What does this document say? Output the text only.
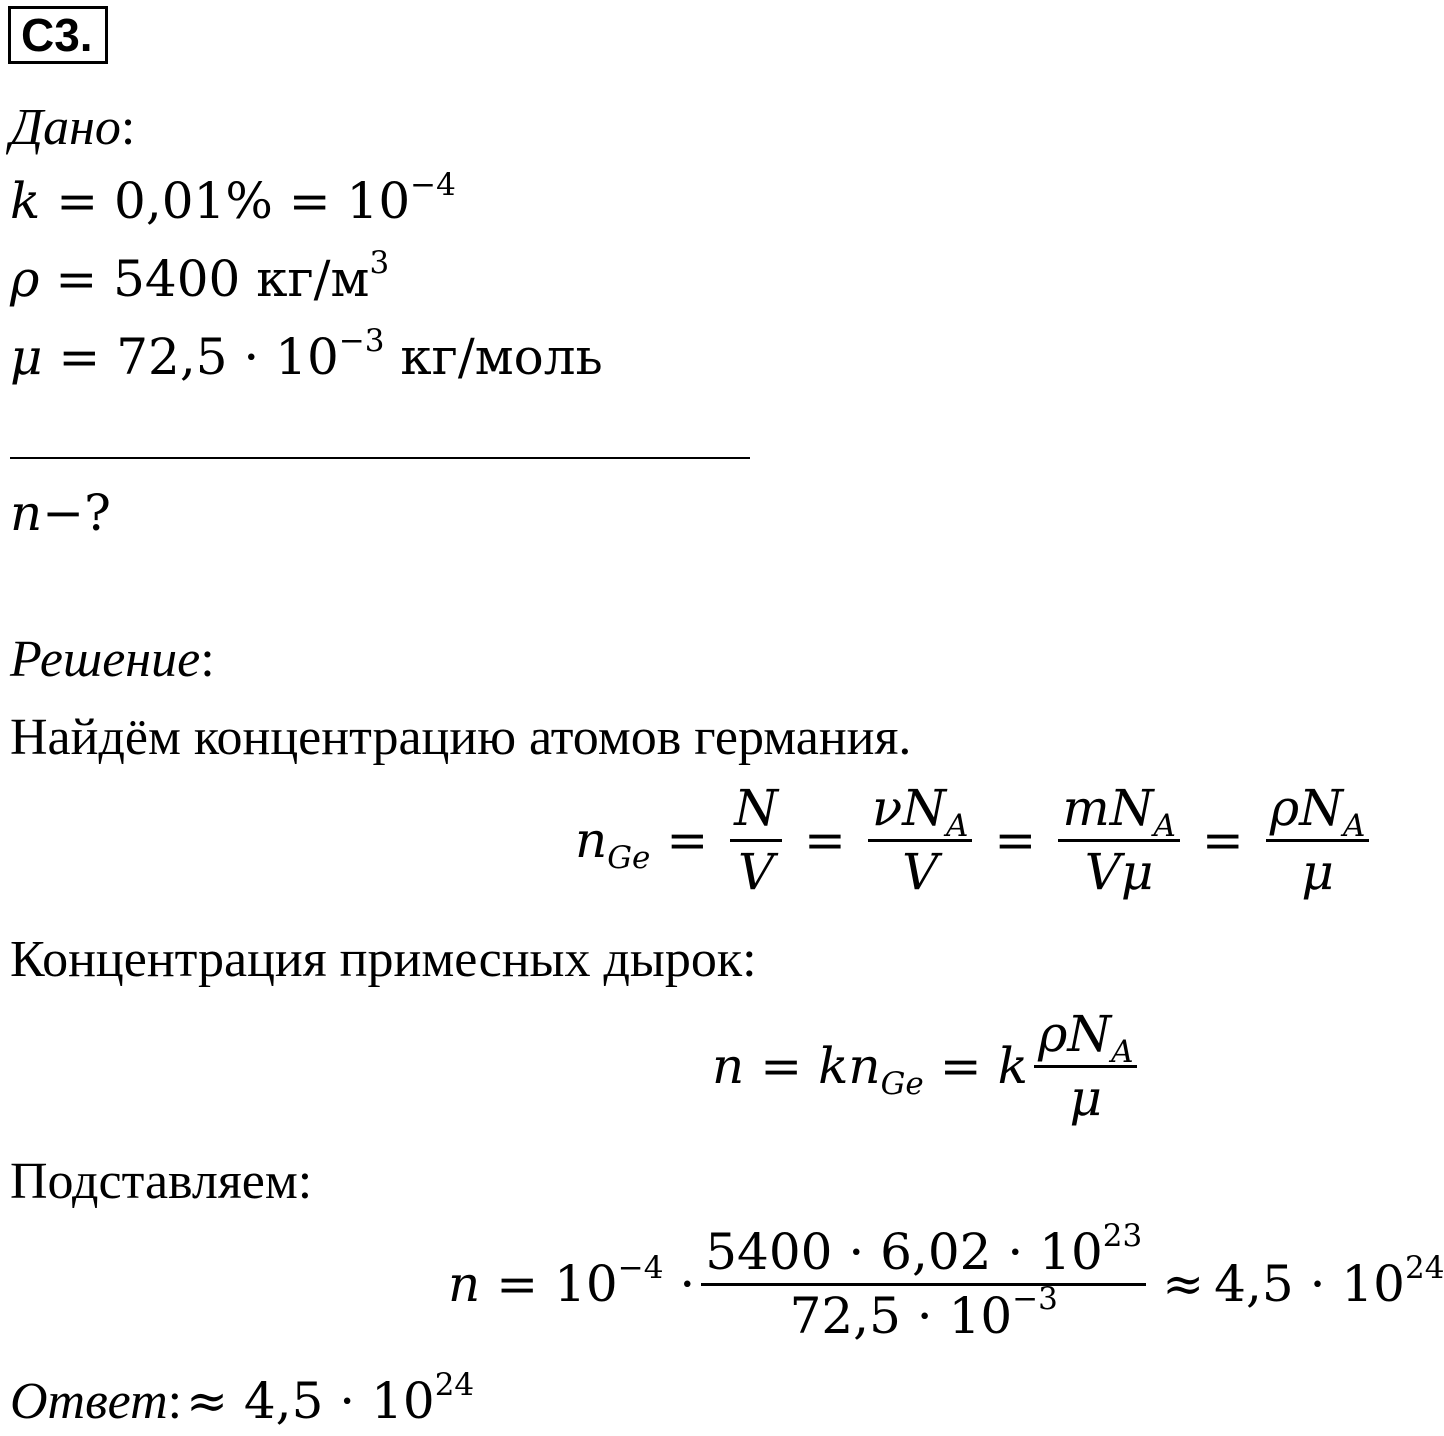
С3.
Дано:
$k = 0,01\% = 10^{-4}$
ρ = 5400 $кг/м^3$
$\mu = 72,5 \cdot 10^{-3}$ кг/моль
n−?
Решение:
Найдём концентрацию атомов германия.
$n_{Ge} = \frac{N}{V} = \frac{\nu N_A}{V} = \frac{mN_A}{V\mu} = \frac{\rho N_A}{\mu}$
Концентрация примесных дырок:
$n = kn_{Ge} = k \frac{\rho N_A}{\mu}$
Подставляем:
$n = 10^{-4} \cdot \frac{5400 \cdot 6,02 \cdot 10^{23}}{72,5 \cdot 10^{-3}} \approx 4,5 \cdot 10^{24}$
Ответ: ≈ $4,5 \cdot 10^{24}$
